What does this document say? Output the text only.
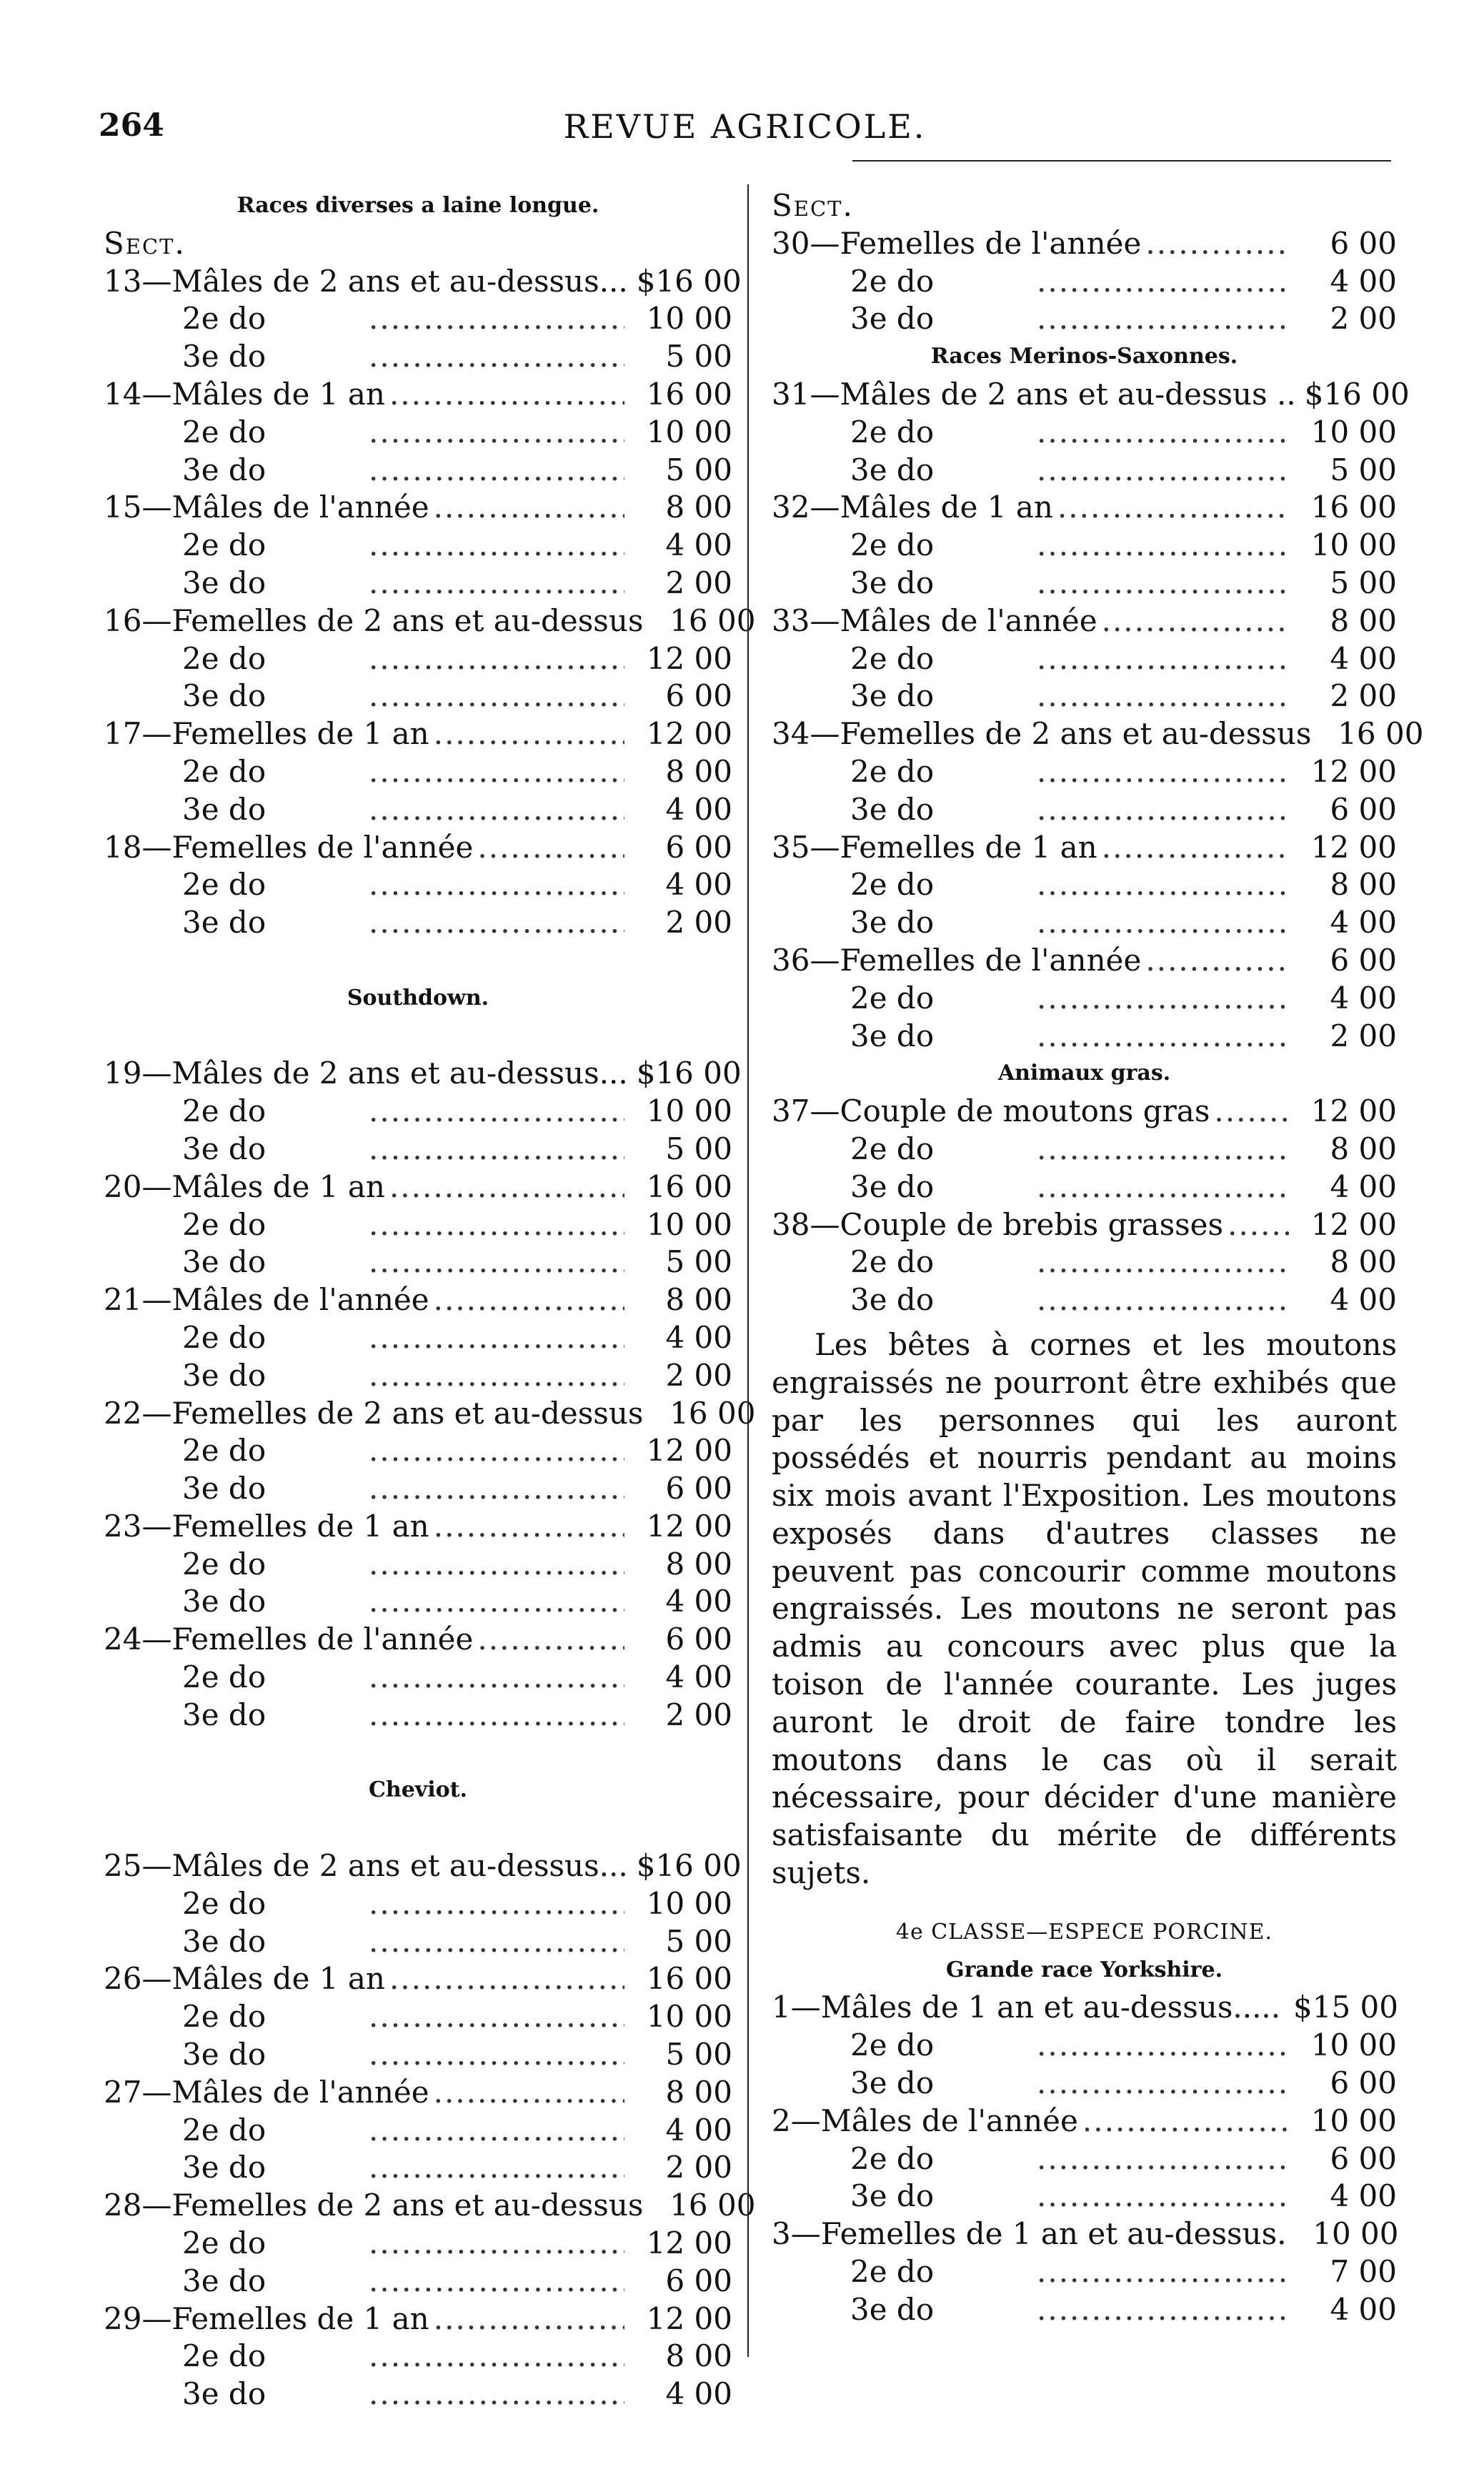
264	REVUE AGRICOLE.
Races diverses a laine longue.
Sect.
13—Mâles de 2 ans et au-dessus... $16 00
2e do .....	10 00
3e do .....	5 00
14—Mâles de 1 an .....	16 00
2e do .....	10 00
3e do .....	5 00
15—Mâles de l'année .....	8 00
2e do .....	4 00
3e do .....	2 00
16—Femelles de 2 ans et au-dessus 16 00
2e do .....	12 00
3e do .....	6 00
17—Femelles de 1 an .....	12 00
2e do .....	8 00
3e do .....	4 00
18—Femelles de l'année .....	6 00
2e do .....	4 00
3e do .....	2 00
Southdown.
19—Mâles de 2 ans et au-dessus... $16 00
2e do .....	10 00
3e do .....	5 00
20—Mâles de 1 an .....	16 00
2e do .....	10 00
3e do .....	5 00
21—Mâles de l'année .....	8 00
2e do .....	4 00
3e do .....	2 00
22—Femelles de 2 ans et au-dessus 16 00
2e do .....	12 00
3e do .....	6 00
23—Femelles de 1 an .....	12 00
2e do .....	8 00
3e do .....	4 00
24—Femelles de l'année .....	6 00
2e do .....	4 00
3e do .....	2 00
Cheviot.
25—Mâles de 2 ans et au-dessus... $16 00
2e do .....	10 00
3e do .....	5 00
26—Mâles de 1 an .....	16 00
2e do .....	10 00
3e do .....	5 00
27—Mâles de l'année .....	8 00
2e do .....	4 00
3e do .....	2 00
28—Femelles de 2 ans et au-dessus 16 00
2e do .....	12 00
3e do .....	6 00
29—Femelles de 1 an .....	12 00
2e do .....	8 00
3e do .....	4 00
Sect.
30—Femelles de l'année .....	6 00
2e do .....	4 00
3e do .....	2 00
Races Merinos-Saxonnes.
31—Mâles de 2 ans et au-dessus .. $16 00
2e do .....	10 00
3e do .....	5 00
32—Mâles de 1 an .....	16 00
2e do .....	10 00
3e do .....	5 00
33—Mâles de l'année .....	8 00
2e do .....	4 00
3e do .....	2 00
34—Femelles de 2 ans et au-dessus 16 00
2e do .....	12 00
3e do .....	6 00
35—Femelles de 1 an .....	12 00
2e do .....	8 00
3e do .....	4 00
36—Femelles de l'année .....	6 00
2e do .....	4 00
3e do .....	2 00
Animaux gras.
37—Couple de moutons gras .....	12 00
2e do .....	8 00
3e do .....	4 00
38—Couple de brebis grasses .....	12 00
2e do .....	8 00
3e do .....	4 00

Les bêtes à cornes et les moutons engraissés ne pourront être exhibés que par les personnes qui les auront possédés et nourris pendant au moins six mois avant l'Exposition. Les moutons exposés dans d'autres classes ne peuvent pas concourir comme moutons engraissés. Les moutons ne seront pas admis au concours avec plus que la toison de l'année courante. Les juges auront le droit de faire tondre les moutons dans le cas où il serait nécessaire, pour décider d'une manière satisfaisante du mérite de différents sujets.

4e CLASSE—ESPECE PORCINE.
Grande race Yorkshire.
1—Mâles de 1 an et au-dessus..... $15 00
2e do .....	10 00
3e do .....	6 00
2—Mâles de l'année .....	10 00
2e do .....	6 00
3e do .....	4 00
3—Femelles de 1 an et au-dessus. 10 00
2e do .....	7 00
3e do .....	4 00
